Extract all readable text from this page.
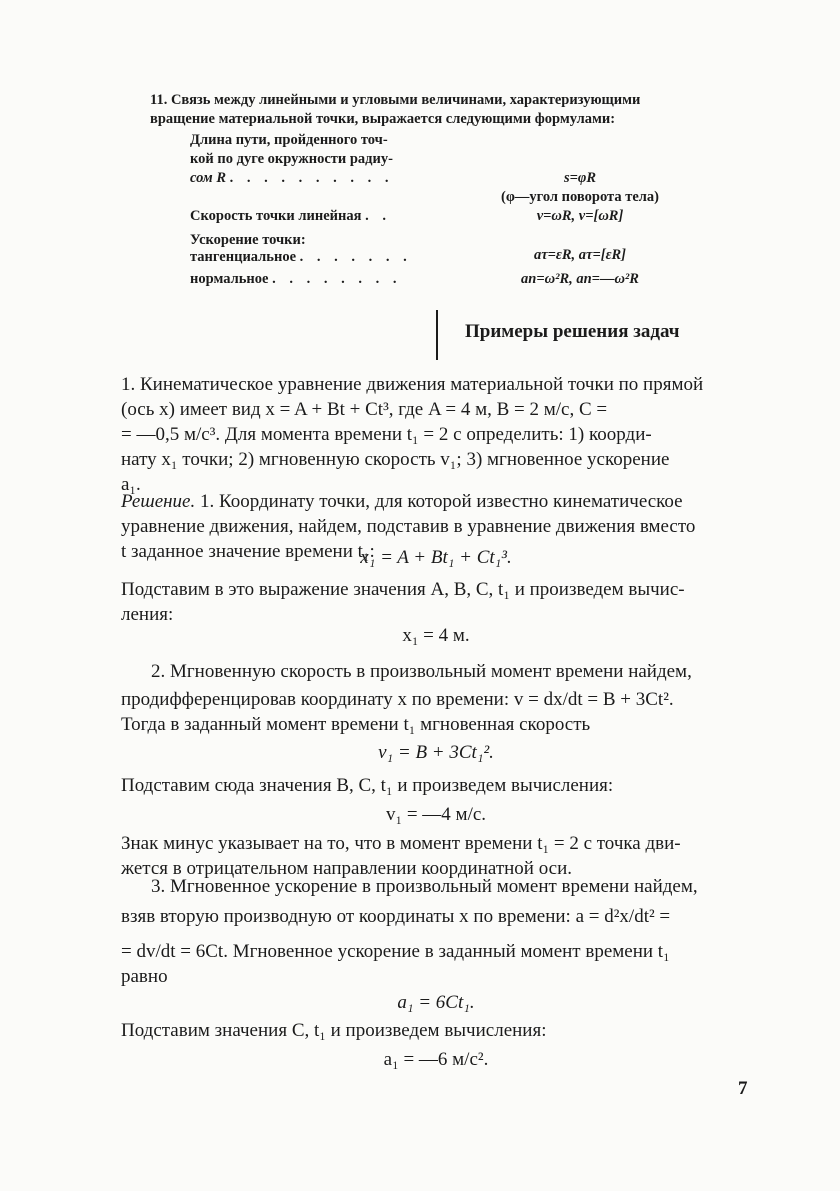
11. Связь между линейными и угловыми величинами, характеризующими
вращение материальной точки, выражается следующими формулами:
Длина пути, пройденного точ-
кой по дуге окружности радиу-
сом R . . . . . . . . . .	s=φR
(φ—угол поворота тела)
Скорость точки линейная . .	v=ωR, v=[ωR]
Ускорение точки:
тангенциальное . . . . . . .	aτ=εR, aτ=[εR]
нормальное . . . . . . . .	an=ω²R, an=—ω²R
Примеры решения задач
1. Кинематическое уравнение движения материальной точки по прямой
(ось x) имеет вид x = A + Bt + Ct³, где A = 4 м, B = 2 м/с, C =
= —0,5 м/с³. Для момента времени t₁ = 2 с определить: 1) коорди-
нату x₁ точки; 2) мгновенную скорость v₁; 3) мгновенное ускорение
a₁.
Решение. 1. Координату точки, для которой известно кинематическое
уравнение движения, найдем, подставив в уравнение движения вместо
t заданное значение времени t₁:
x₁ = A + Bt₁ + Ct₁³.
Подставим в это выражение значения A, B, C, t₁ и произведем вычис-
ления:
x₁ = 4 м.
2. Мгновенную скорость в произвольный момент времени найдем,
продифференцировав координату x по времени: v = dx/dt = B + 3Ct².
Тогда в заданный момент времени t₁ мгновенная скорость
v₁ = B + 3Ct₁².
Подставим сюда значения B, C, t₁ и произведем вычисления:
v₁ = —4 м/с.
Знак минус указывает на то, что в момент времени t₁ = 2 с точка дви-
жется в отрицательном направлении координатной оси.
3. Мгновенное ускорение в произвольный момент времени найдем,
взяв вторую производную от координаты x по времени: a = d²x/dt² =
= dv/dt = 6Ct. Мгновенное ускорение в заданный момент времени t₁
равно
a₁ = 6Ct₁.
Подставим значения C, t₁ и произведем вычисления:
a₁ = —6 м/с².
7
